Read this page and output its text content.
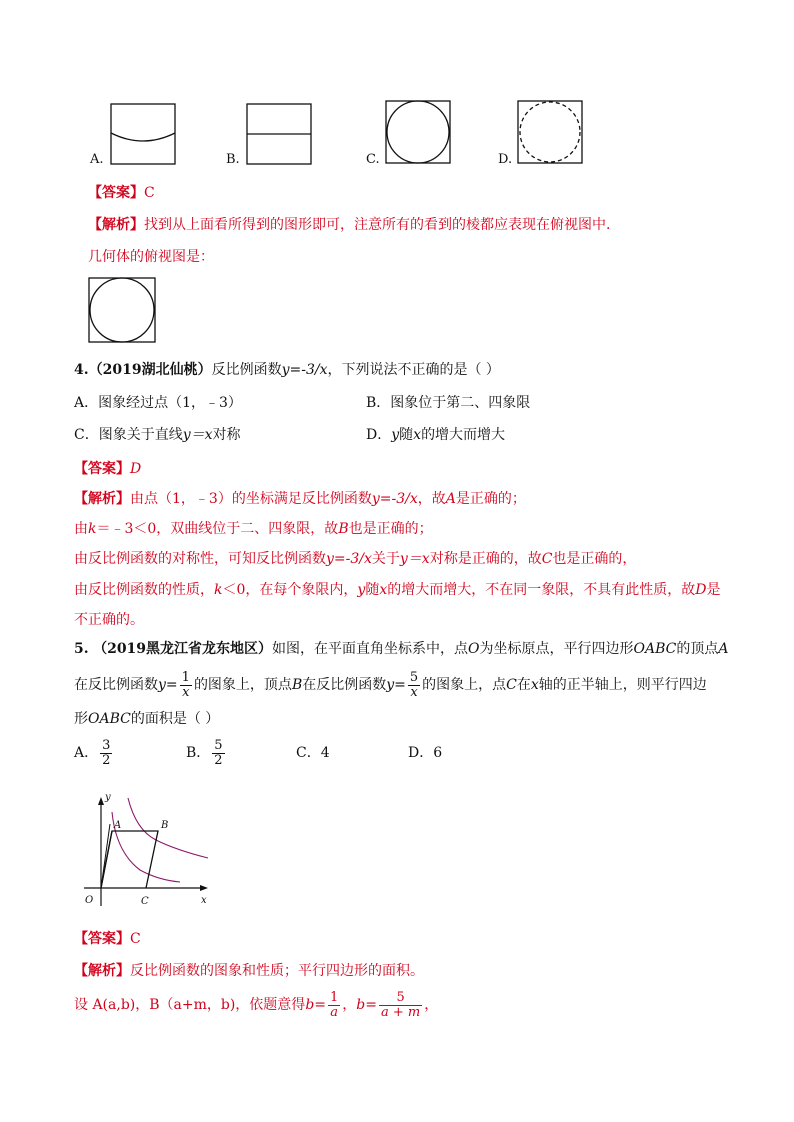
A.	B.	C.	D.
【答案】C
【解析】找到从上面看所得到的图形即可，注意所有的看到的棱都应表现在俯视图中.
几何体的俯视图是：
4.（2019湖北仙桃）反比例函数y=-3/x，下列说法不正确的是（ ）
A．图象经过点（1，﹣3）	B．图象位于第二、四象限
C．图象关于直线y＝x对称	D．y随x的增大而增大
【答案】D
【解析】由点（1，﹣3）的坐标满足反比例函数y=-3/x，故A是正确的；
由k＝﹣3＜0，双曲线位于二、四象限，故B也是正确的；
由反比例函数的对称性，可知反比例函数y=-3/x关于y＝x对称是正确的，故C也是正确的，
由反比例函数的性质，k＜0，在每个象限内，y随x的增大而增大，不在同一象限，不具有此性质，故D是
不正确的。
5. （2019黑龙江省龙东地区）如图，在平面直角坐标系中，点O为坐标原点，平行四边形OABC的顶点A
在反比例函数$y= \frac{1}{x}$ 的图象上，顶点B在反比例函数$y= \frac{5}{x}$ 的图象上，点C在x轴的正半轴上，则平行四边
形OABC的面积是（ ）
A． $\frac{3}{2}$	B． $\frac{5}{2}$	C．4	D．6
y
A	B
O	C	x
【答案】C
【解析】反比例函数的图象和性质；平行四边形的面积。
设 A(a,b)，B（a+m，b)，依题意得$b= \frac{1}{a}$ ，$b= \frac{5}{a + m}$ ，
